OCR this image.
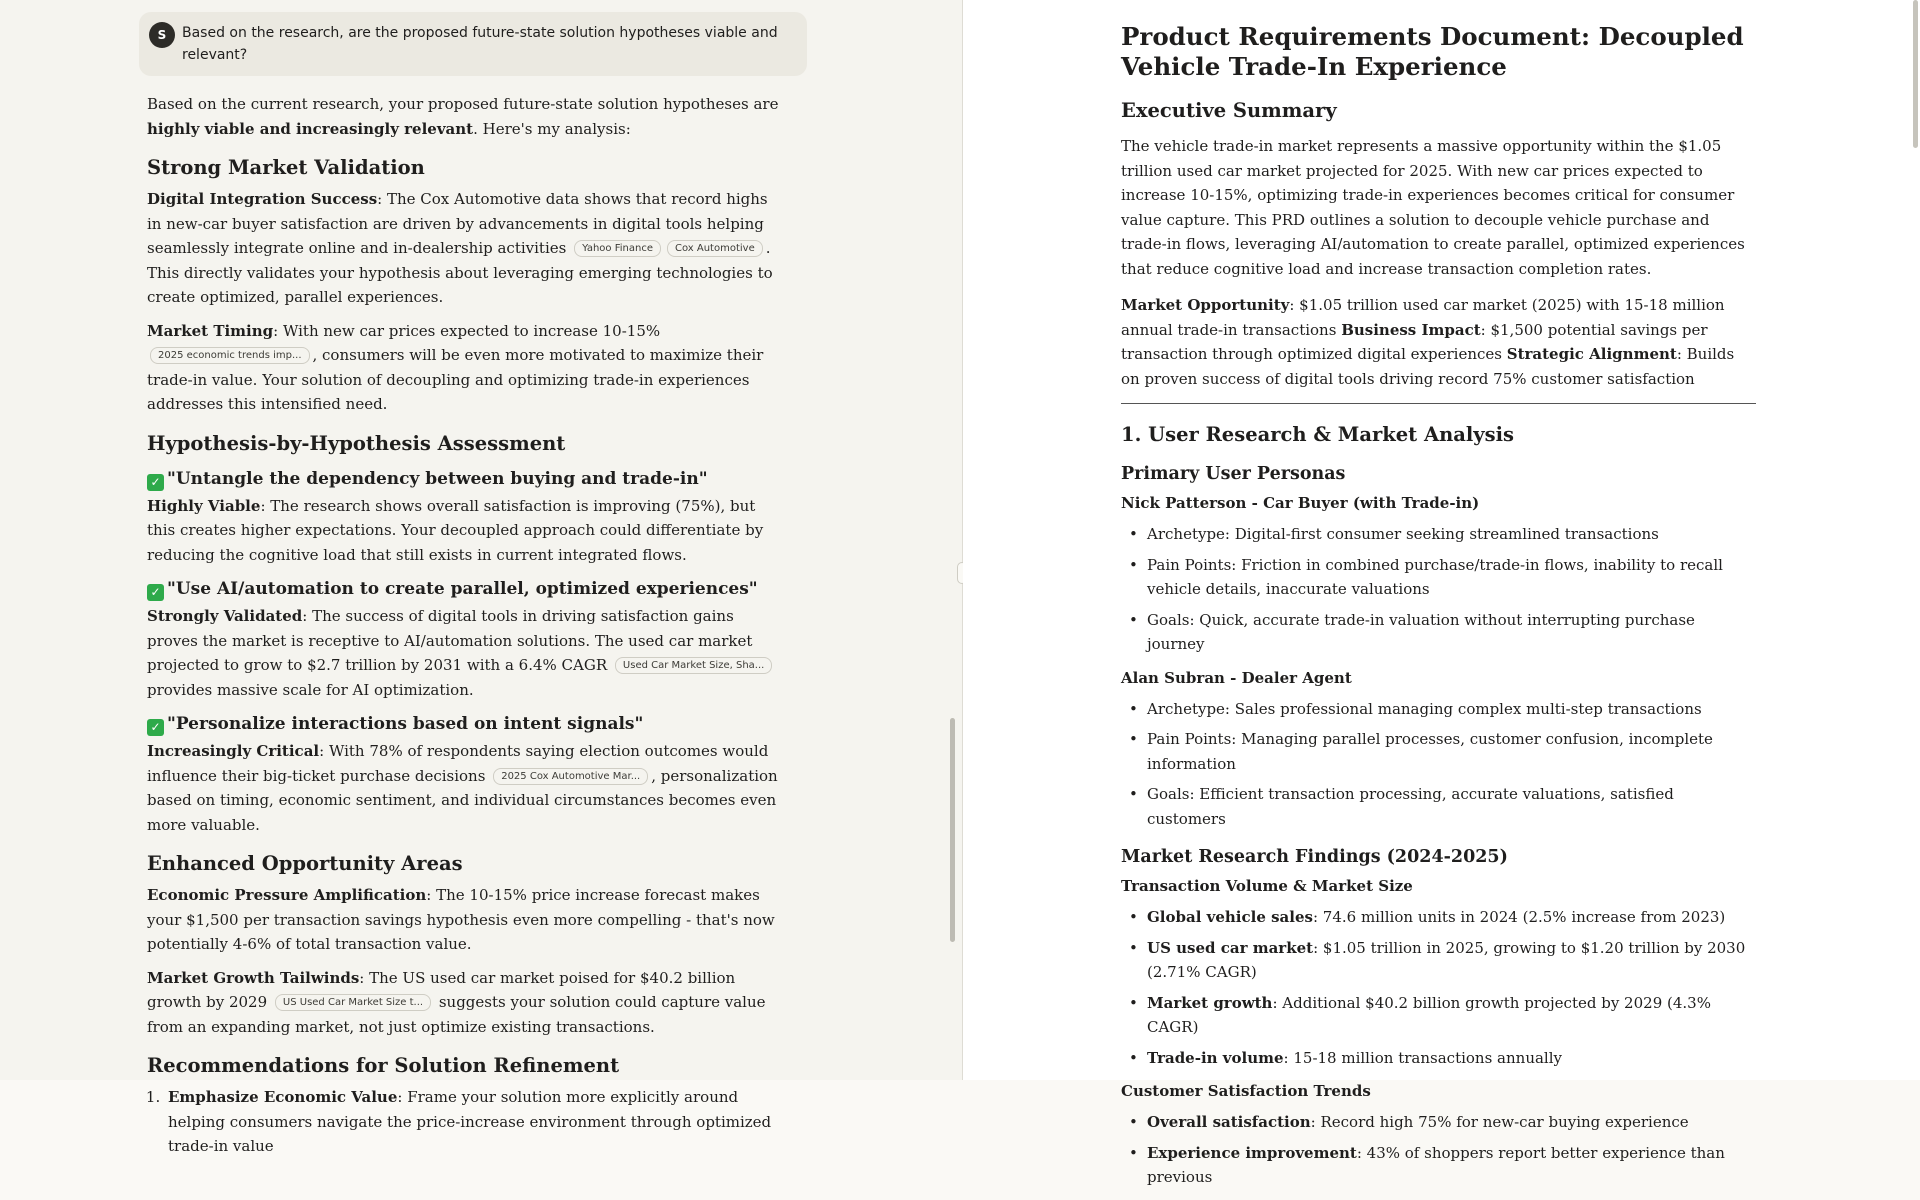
S	Based on the research, are the proposed future-state solution hypotheses viable and relevant?

Based on the current research, your proposed future-state solution hypotheses are highly viable and increasingly relevant. Here's my analysis:

Strong Market Validation

Digital Integration Success: The Cox Automotive data shows that record highs in new-car buyer satisfaction are driven by advancements in digital tools helping seamlessly integrate online and in-dealership activities Yahoo Finance Cox Automotive . This directly validates your hypothesis about leveraging emerging technologies to create optimized, parallel experiences.

Market Timing: With new car prices expected to increase 10-15% 2025 economic trends imp... , consumers will be even more motivated to maximize their trade-in value. Your solution of decoupling and optimizing trade-in experiences addresses this intensified need.

Hypothesis-by-Hypothesis Assessment
✓ "Untangle the dependency between buying and trade-in"

Highly Viable: The research shows overall satisfaction is improving (75%), but this creates higher expectations. Your decoupled approach could differentiate by reducing the cognitive load that still exists in current integrated flows.

✓ "Use AI/automation to create parallel, optimized experiences"

Strongly Validated: The success of digital tools in driving satisfaction gains proves the market is receptive to AI/automation solutions. The used car market projected to grow to $2.7 trillion by 2031 with a 6.4% CAGR Used Car Market Size, Sha... provides massive scale for AI optimization.

✓ "Personalize interactions based on intent signals"

Increasingly Critical: With 78% of respondents saying election outcomes would influence their big-ticket purchase decisions 2025 Cox Automotive Mar... , personalization based on timing, economic sentiment, and individual circumstances becomes even more valuable.

Enhanced Opportunity Areas

Economic Pressure Amplification: The 10-15% price increase forecast makes your $1,500 per transaction savings hypothesis even more compelling - that's now potentially 4-6% of total transaction value.

Market Growth Tailwinds: The US used car market poised for $40.2 billion growth by 2029 US Used Car Market Size t... suggests your solution could capture value from an expanding market, not just optimize existing transactions.

Recommendations for Solution Refinement
1. Emphasize Economic Value: Frame your solution more explicitly around helping consumers navigate the price-increase environment through optimized trade-in value
Product Requirements Document: Decoupled Vehicle Trade-In Experience
Executive Summary

The vehicle trade-in market represents a massive opportunity within the $1.05 trillion used car market projected for 2025. With new car prices expected to increase 10-15%, optimizing trade-in experiences becomes critical for consumer value capture. This PRD outlines a solution to decouple vehicle purchase and trade-in flows, leveraging AI/automation to create parallel, optimized experiences that reduce cognitive load and increase transaction completion rates.

Market Opportunity: $1.05 trillion used car market (2025) with 15-18 million annual trade-in transactions Business Impact: $1,500 potential savings per transaction through optimized digital experiences Strategic Alignment: Builds on proven success of digital tools driving record 75% customer satisfaction

1. User Research & Market Analysis
Primary User Personas
Nick Patterson - Car Buyer (with Trade-in)
• Archetype: Digital-first consumer seeking streamlined transactions
• Pain Points: Friction in combined purchase/trade-in flows, inability to recall vehicle details, inaccurate valuations
• Goals: Quick, accurate trade-in valuation without interrupting purchase journey
Alan Subran - Dealer Agent
• Archetype: Sales professional managing complex multi-step transactions
• Pain Points: Managing parallel processes, customer confusion, incomplete information
• Goals: Efficient transaction processing, accurate valuations, satisfied customers
Market Research Findings (2024-2025)
Transaction Volume & Market Size
• Global vehicle sales: 74.6 million units in 2024 (2.5% increase from 2023)
• US used car market: $1.05 trillion in 2025, growing to $1.20 trillion by 2030 (2.71% CAGR)
• Market growth: Additional $40.2 billion growth projected by 2029 (4.3% CAGR)
• Trade-in volume: 15-18 million transactions annually
Customer Satisfaction Trends
• Overall satisfaction: Record high 75% for new-car buying experience
• Experience improvement: 43% of shoppers report better experience than previous
